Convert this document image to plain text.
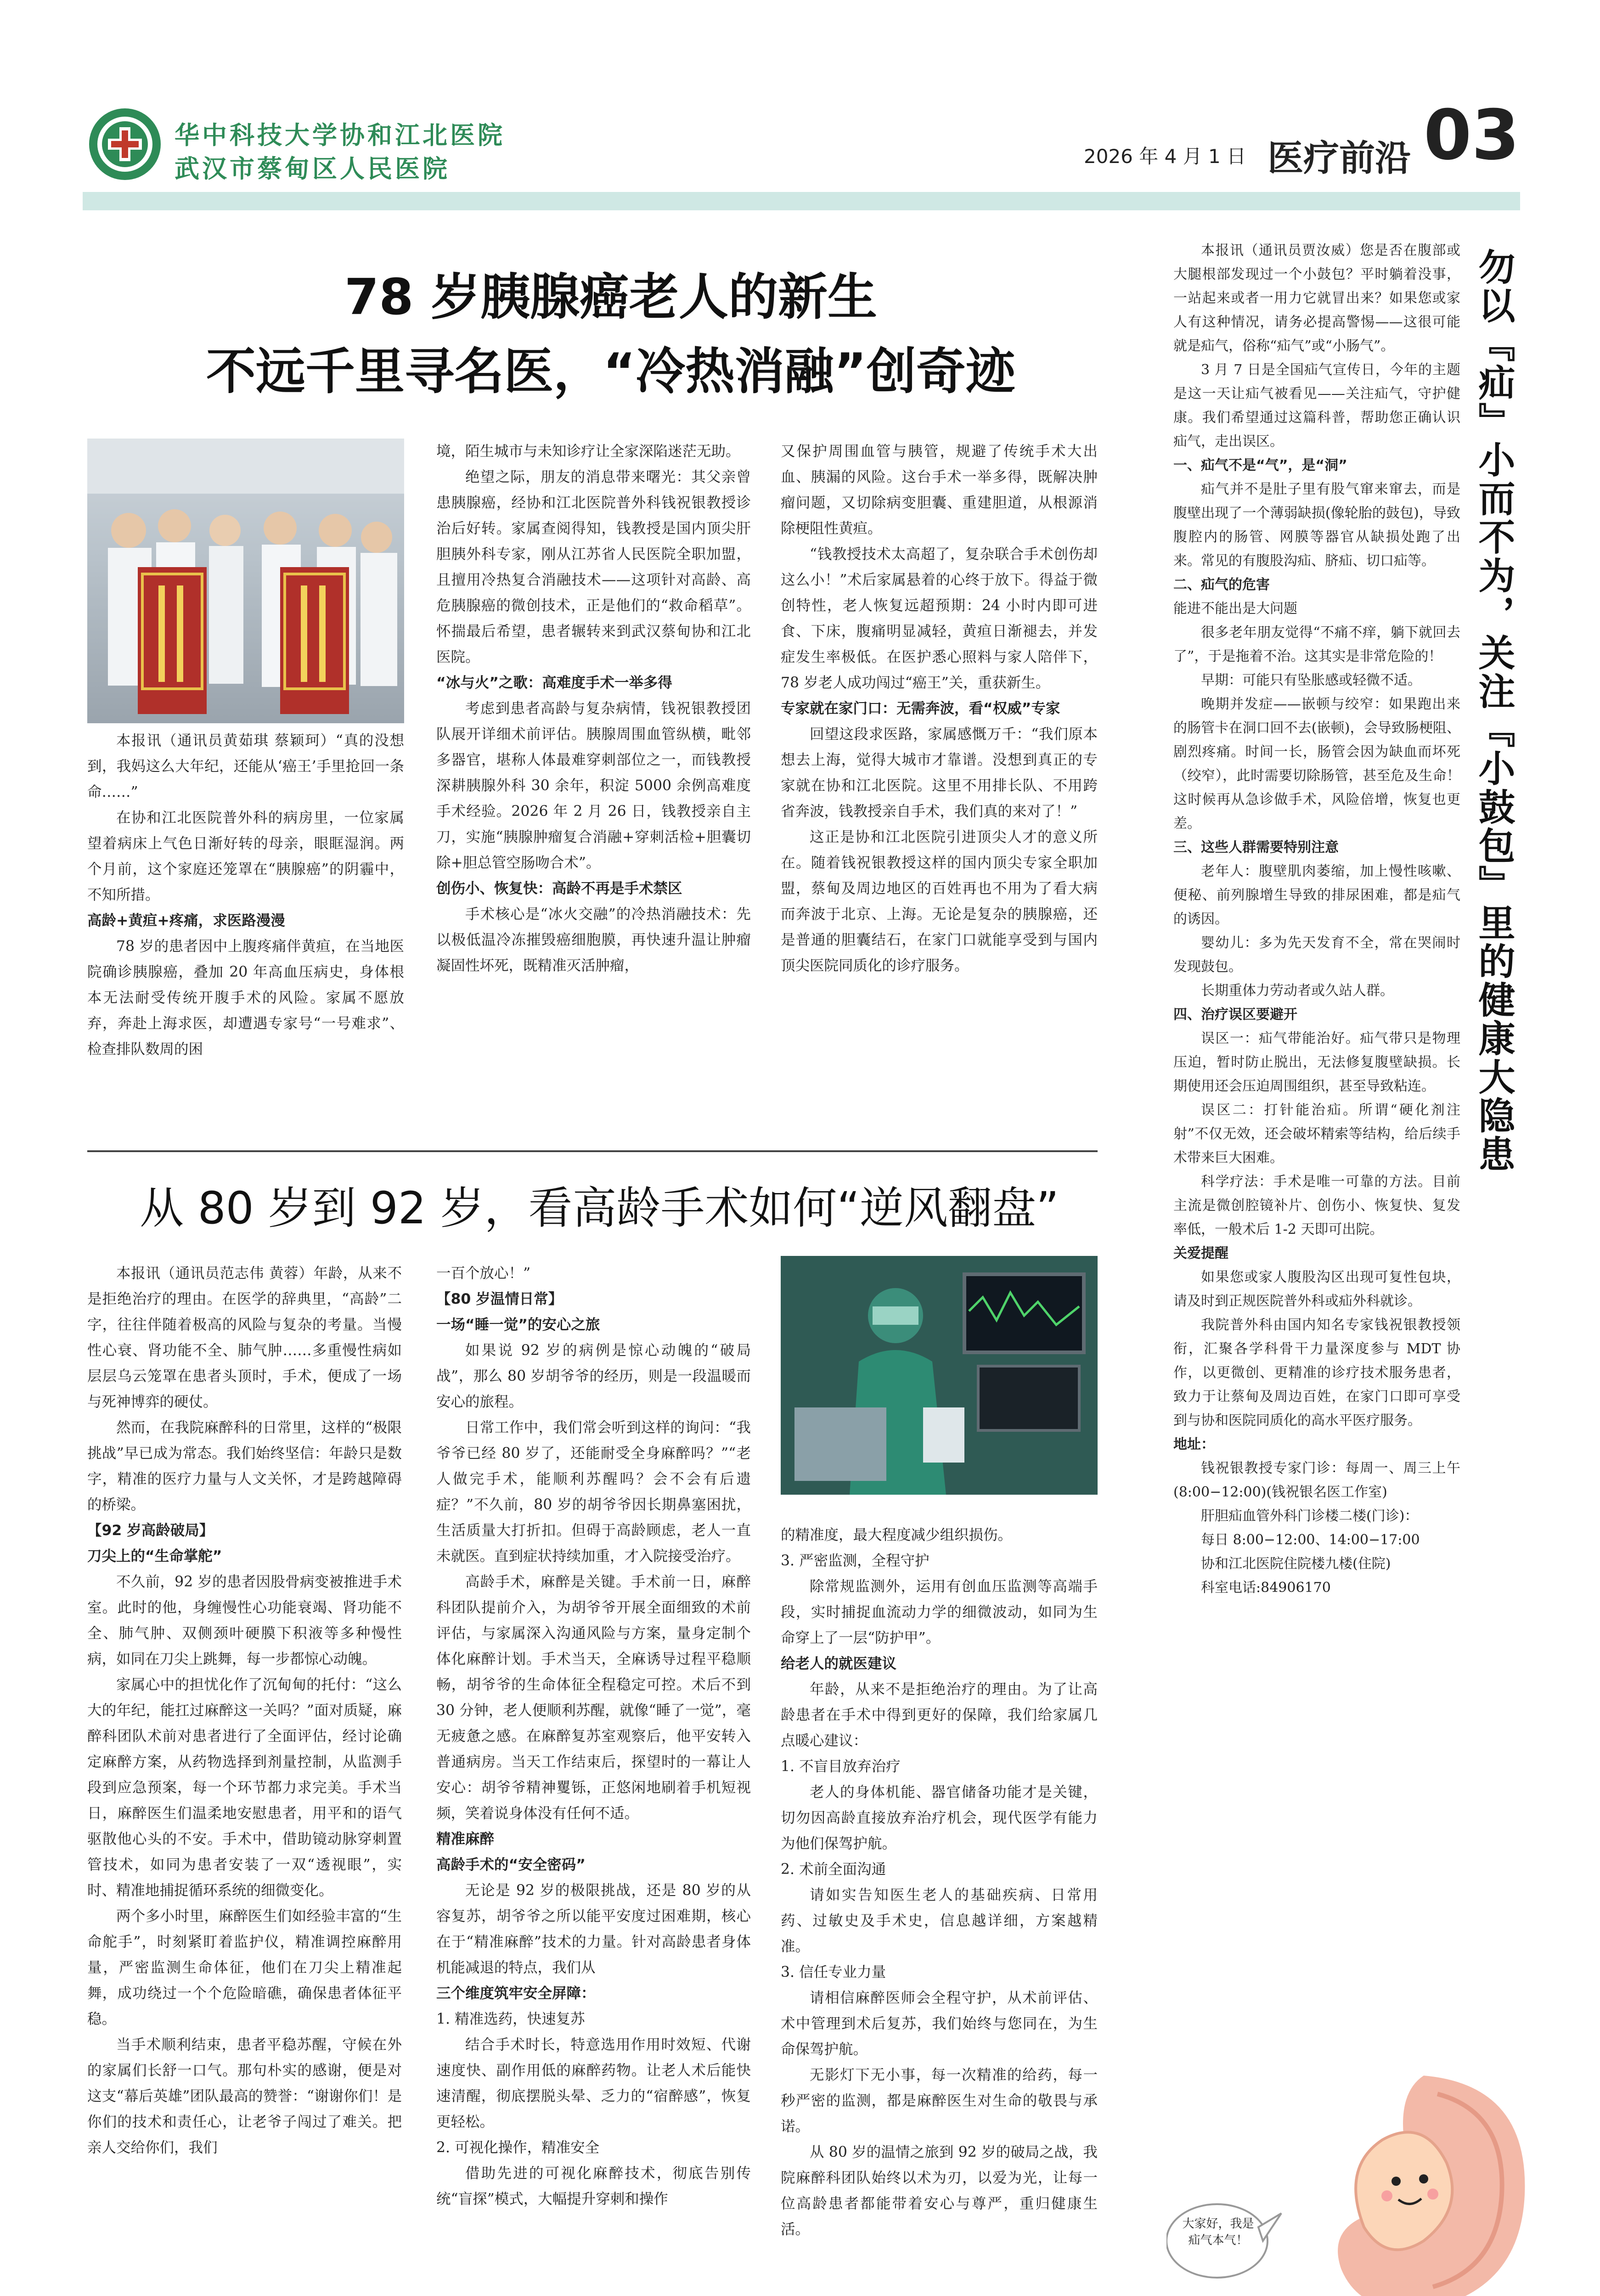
华中科技大学协和江北医院
武汉市蔡甸区人民医院	2026 年 4 月 1 日 医疗前沿 03
78 岁胰腺癌老人的新生
不远千里寻名医，“冷热消融”创奇迹

本报讯（通讯员黄茹琪 蔡颖珂）“真的没想到，我妈这么大年纪，还能从‘癌王’手里抢回一条命……”

在协和江北医院普外科的病房里，一位家属望着病床上气色日渐好转的母亲，眼眶湿润。两个月前，这个家庭还笼罩在“胰腺癌”的阴霾中，不知所措。

高龄+黄疸+疼痛，求医路漫漫

78 岁的患者因中上腹疼痛伴黄疸，在当地医院确诊胰腺癌，叠加 20 年高血压病史，身体根本无法耐受传统开腹手术的风险。家属不愿放弃，奔赴上海求医，却遭遇专家号“一号难求”、检查排队数周的困

境，陌生城市与未知诊疗让全家深陷迷茫无助。

绝望之际，朋友的消息带来曙光：其父亲曾患胰腺癌，经协和江北医院普外科钱祝银教授诊治后好转。家属查阅得知，钱教授是国内顶尖肝胆胰外科专家，刚从江苏省人民医院全职加盟，且擅用冷热复合消融技术——这项针对高龄、高危胰腺癌的微创技术，正是他们的“救命稻草”。怀揣最后希望，患者辗转来到武汉蔡甸协和江北医院。

“冰与火”之歌：高难度手术一举多得

考虑到患者高龄与复杂病情，钱祝银教授团队展开详细术前评估。胰腺周围血管纵横，毗邻多器官，堪称人体最难穿刺部位之一，而钱教授深耕胰腺外科 30 余年，积淀 5000 余例高难度手术经验。2026 年 2 月 26 日，钱教授亲自主刀，实施“胰腺肿瘤复合消融+穿刺活检+胆囊切除+胆总管空肠吻合术”。

创伤小、恢复快：高龄不再是手术禁区

手术核心是“冰火交融”的冷热消融技术：先以极低温冷冻摧毁癌细胞膜，再快速升温让肿瘤凝固性坏死，既精准灭活肿瘤，

又保护周围血管与胰管，规避了传统手术大出血、胰漏的风险。这台手术一举多得，既解决肿瘤问题，又切除病变胆囊、重建胆道，从根源消除梗阻性黄疸。

“钱教授技术太高超了，复杂联合手术创伤却这么小！”术后家属悬着的心终于放下。得益于微创特性，老人恢复远超预期：24 小时内即可进食、下床，腹痛明显减轻，黄疸日渐褪去，并发症发生率极低。在医护悉心照料与家人陪伴下，78 岁老人成功闯过“癌王”关，重获新生。

专家就在家门口：无需奔波，看“权威”专家

回望这段求医路，家属感慨万千：“我们原本想去上海，觉得大城市才靠谱。没想到真正的专家就在协和江北医院。这里不用排长队、不用跨省奔波，钱教授亲自手术，我们真的来对了！”

这正是协和江北医院引进顶尖人才的意义所在。随着钱祝银教授这样的国内顶尖专家全职加盟，蔡甸及周边地区的百姓再也不用为了看大病而奔波于北京、上海。无论是复杂的胰腺癌，还是普通的胆囊结石，在家门口就能享受到与国内顶尖医院同质化的诊疗服务。	勿以『疝』小而不为，关注『小鼓包』里的健康大隐患

本报讯（通讯员贾汝威）您是否在腹部或大腿根部发现过一个小鼓包？平时躺着没事，一站起来或者一用力它就冒出来？如果您或家人有这种情况，请务必提高警惕——这很可能就是疝气，俗称“疝气”或“小肠气”。

3 月 7 日是全国疝气宣传日，今年的主题是这一天让疝气被看见——关注疝气，守护健康。我们希望通过这篇科普，帮助您正确认识疝气，走出误区。

一、疝气不是“气”，是“洞”

疝气并不是肚子里有股气窜来窜去，而是腹壁出现了一个薄弱缺损(像轮胎的鼓包)，导致腹腔内的肠管、网膜等器官从缺损处跑了出来。常见的有腹股沟疝、脐疝、切口疝等。

二、疝气的危害

能进不能出是大问题

很多老年朋友觉得“不痛不痒，躺下就回去了”，于是拖着不治。这其实是非常危险的！

早期：可能只有坠胀感或轻微不适。

晚期并发症——嵌顿与绞窄：如果跑出来的肠管卡在洞口回不去(嵌顿)，会导致肠梗阻、剧烈疼痛。时间一长，肠管会因为缺血而坏死（绞窄），此时需要切除肠管，甚至危及生命！这时候再从急诊做手术，风险倍增，恢复也更差。

三、这些人群需要特别注意

老年人：腹壁肌肉萎缩，加上慢性咳嗽、便秘、前列腺增生导致的排尿困难，都是疝气的诱因。

婴幼儿：多为先天发育不全，常在哭闹时发现鼓包。

长期重体力劳动者或久站人群。

四、治疗误区要避开

误区一：疝气带能治好。疝气带只是物理压迫，暂时防止脱出，无法修复腹壁缺损。长期使用还会压迫周围组织，甚至导致粘连。

误区二：打针能治疝。所谓“硬化剂注射”不仅无效，还会破坏精索等结构，给后续手术带来巨大困难。

科学疗法：手术是唯一可靠的方法。目前主流是微创腔镜补片、创伤小、恢复快、复发率低，一般术后 1-2 天即可出院。

关爱提醒

如果您或家人腹股沟区出现可复性包块，请及时到正规医院普外科或疝外科就诊。

我院普外科由国内知名专家钱祝银教授领衔，汇聚各学科骨干力量深度参与 MDT 协作，以更微创、更精准的诊疗技术服务患者，致力于让蔡甸及周边百姓，在家门口即可享受到与协和医院同质化的高水平医疗服务。

地址：

钱祝银教授专家门诊：每周一、周三上午(8:00−12:00)(钱祝银名医工作室)

肝胆疝血管外科门诊楼二楼(门诊)：

每日 8:00−12:00、14:00−17:00

协和江北医院住院楼九楼(住院)

科室电话:84906170

从 80 岁到 92 岁，看高龄手术如何“逆风翻盘”

本报讯（通讯员范志伟 黄蓉）年龄，从来不是拒绝治疗的理由。在医学的辞典里，“高龄”二字，往往伴随着极高的风险与复杂的考量。当慢性心衰、肾功能不全、肺气肿……多重慢性病如层层乌云笼罩在患者头顶时，手术，便成了一场与死神博弈的硬仗。

然而，在我院麻醉科的日常里，这样的“极限挑战”早已成为常态。我们始终坚信：年龄只是数字，精准的医疗力量与人文关怀，才是跨越障碍的桥梁。

【92 岁高龄破局】

刀尖上的“生命掌舵”

不久前，92 岁的患者因股骨病变被推进手术室。此时的他，身缠慢性心功能衰竭、肾功能不全、肺气肿、双侧颈叶硬膜下积液等多种慢性病，如同在刀尖上跳舞，每一步都惊心动魄。

家属心中的担忧化作了沉甸甸的托付：“这么大的年纪，能扛过麻醉这一关吗？”面对质疑，麻醉科团队术前对患者进行了全面评估，经讨论确定麻醉方案，从药物选择到剂量控制，从监测手段到应急预案，每一个环节都力求完美。手术当日，麻醉医生们温柔地安慰患者，用平和的语气驱散他心头的不安。手术中，借助镜动脉穿刺置管技术，如同为患者安装了一双“透视眼”，实时、精准地捕捉循环系统的细微变化。

两个多小时里，麻醉医生们如经验丰富的“生命舵手”，时刻紧盯着监护仪，精准调控麻醉用量，严密监测生命体征，他们在刀尖上精准起舞，成功绕过一个个危险暗礁，确保患者体征平稳。

当手术顺利结束，患者平稳苏醒，守候在外的家属们长舒一口气。那句朴实的感谢，便是对这支“幕后英雄”团队最高的赞誉：“谢谢你们！是你们的技术和责任心，让老爷子闯过了难关。把亲人交给你们，我们

一百个放心！”

【80 岁温情日常】

一场“睡一觉”的安心之旅

如果说 92 岁的病例是惊心动魄的“破局战”，那么 80 岁胡爷爷的经历，则是一段温暖而安心的旅程。

日常工作中，我们常会听到这样的询问：“我爷爷已经 80 岁了，还能耐受全身麻醉吗？”“老人做完手术，能顺利苏醒吗？会不会有后遗症？”不久前，80 岁的胡爷爷因长期鼻塞困扰，生活质量大打折扣。但碍于高龄顾虑，老人一直未就医。直到症状持续加重，才入院接受治疗。

高龄手术，麻醉是关键。手术前一日，麻醉科团队提前介入，为胡爷爷开展全面细致的术前评估，与家属深入沟通风险与方案，量身定制个体化麻醉计划。手术当天，全麻诱导过程平稳顺畅，胡爷爷的生命体征全程稳定可控。术后不到 30 分钟，老人便顺利苏醒，就像“睡了一觉”，毫无疲惫之感。在麻醉复苏室观察后，他平安转入普通病房。当天工作结束后，探望时的一幕让人安心：胡爷爷精神矍铄，正悠闲地刷着手机短视频，笑着说身体没有任何不适。

精准麻醉

高龄手术的“安全密码”

无论是 92 岁的极限挑战，还是 80 岁的从容复苏，胡爷爷之所以能平安度过困难期，核心在于“精准麻醉”技术的力量。针对高龄患者身体机能减退的特点，我们从

三个维度筑牢安全屏障：

1. 精准选药，快速复苏

结合手术时长，特意选用作用时效短、代谢速度快、副作用低的麻醉药物。让老人术后能快速清醒，彻底摆脱头晕、乏力的“宿醉感”，恢复更轻松。

2. 可视化操作，精准安全

借助先进的可视化麻醉技术，彻底告别传统“盲探”模式，大幅提升穿刺和操作

的精准度，最大程度减少组织损伤。

3. 严密监测，全程守护

除常规监测外，运用有创血压监测等高端手段，实时捕捉血流动力学的细微波动，如同为生命穿上了一层“防护甲”。

给老人的就医建议

年龄，从来不是拒绝治疗的理由。为了让高龄患者在手术中得到更好的保障，我们给家属几点暖心建议：

1. 不盲目放弃治疗

老人的身体机能、器官储备功能才是关键，切勿因高龄直接放弃治疗机会，现代医学有能力为他们保驾护航。

2. 术前全面沟通

请如实告知医生老人的基础疾病、日常用药、过敏史及手术史，信息越详细，方案越精准。

3. 信任专业力量

请相信麻醉医师会全程守护，从术前评估、术中管理到术后复苏，我们始终与您同在，为生命保驾护航。

无影灯下无小事，每一次精准的给药，每一秒严密的监测，都是麻醉医生对生命的敬畏与承诺。

从 80 岁的温情之旅到 92 岁的破局之战，我院麻醉科团队始终以术为刃，以爱为光，让每一位高龄患者都能带着安心与尊严，重归健康生活。	大家好，我是疝气本气！
